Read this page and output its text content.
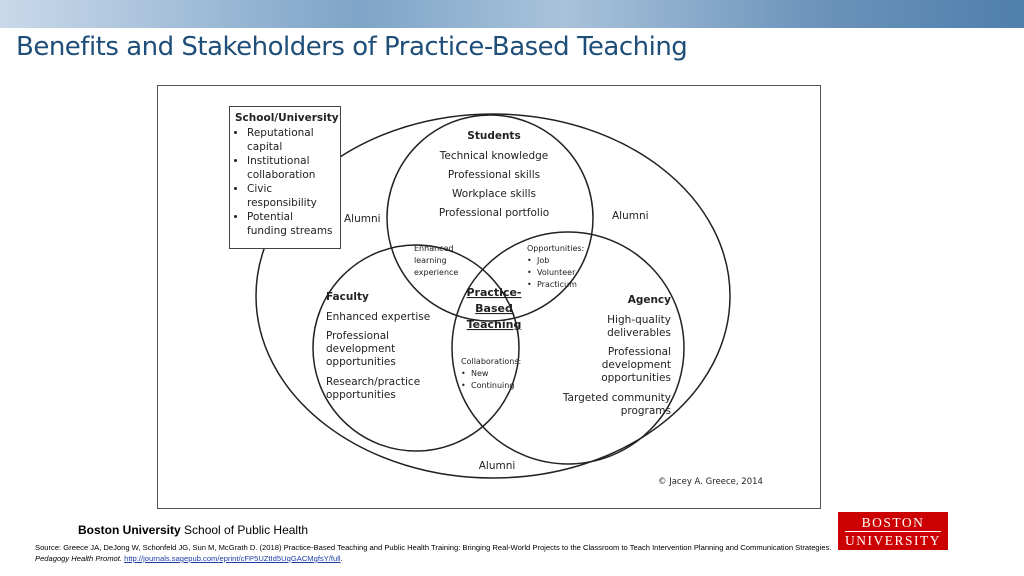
Benefits and Stakeholders of Practice-Based Teaching
Students
Technical knowledge
Professional skills
Workplace skills
Professional portfolio
Alumni	Alumni
Alumni
Enhanced
learning
experience
Opportunities:
• Job
• Volunteer
• Practicum
Practice-
Based
Teaching
Faculty
Enhanced expertise
Professional
development
opportunities
Research/practice
opportunities
Collaborations:
• New
• Continuing
Agency
High-quality
deliverables
Professional
development
opportunities
Targeted community
programs
© Jacey A. Greece, 2014
School/University
• Reputational capital
• Institutional collaboration
• Civic responsibility
• Potential funding streams
Boston University School of Public Health
Source: Greece JA, DeJong W, Schonfeld JG, Sun M, McGrath D. (2018) Practice-Based Teaching and Public Health Training: Bringing Real-World Projects to the Classroom to Teach Intervention Planning and Communication Strategies. Pedagogy Health Promot. http://journals.sagepub.com/eprint/cFP5UZtId5UqGACMgfsY/full.
BOSTON
UNIVERSITY
